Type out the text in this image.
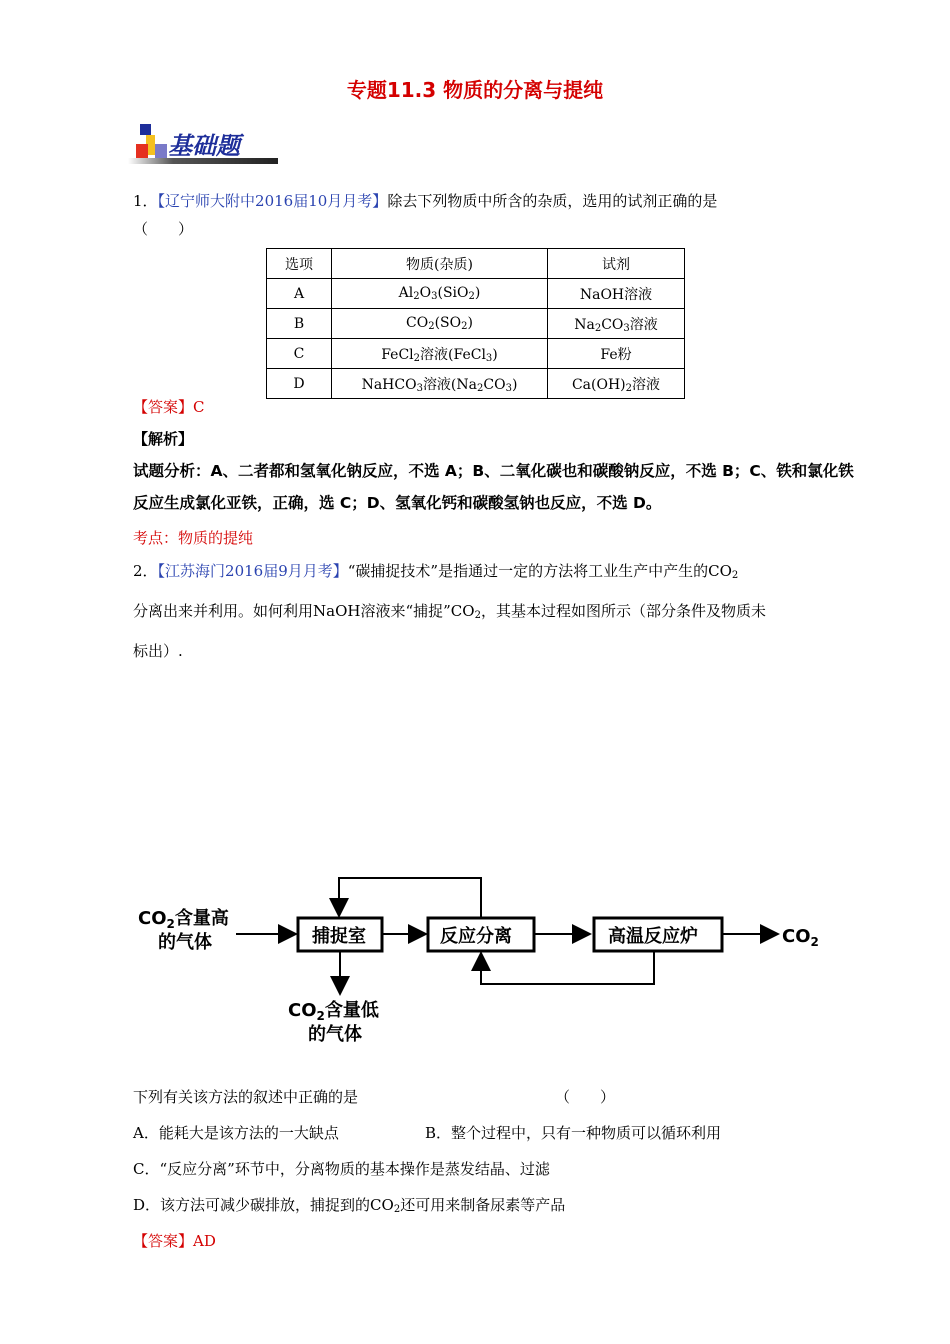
专题11.3 物质的分离与提纯
基础题
1．【辽宁师大附中2016届10月月考】除去下列物质中所含的杂质，选用的试剂正确的是
（　　）
选项	物质(杂质)	试剂
A	$Al_2O_3(SiO_2)$	NaOH溶液
B	$CO_2(SO_2)$	$Na_2CO_3$溶液
C	FeCl$_2$溶液(FeCl$_3$)	Fe粉
D	NaHCO$_3$溶液$(Na_2CO_3)$	$Ca(OH)_2$溶液
【答案】C
【解析】
试题分析：A、二者都和氢氧化钠反应，不选 A；B、二氧化碳也和碳酸钠反应，不选 B；C、铁和氯化铁
反应生成氯化亚铁，正确，选 C；D、氢氧化钙和碳酸氢钠也反应，不选 D。
考点：物质的提纯
2．【江苏海门2016届9月月考】“碳捕捉技术”是指通过一定的方法将工业生产中产生的$CO_2$
分离出来并利用。如何利用NaOH溶液来“捕捉$”CO_2$，其基本过程如图所示（部分条件及物质未
标出）.
$CO_2$含量高
的气体	捕捉室	反应分离	高温反应炉	$CO_2$
$CO_2$含量低
的气体
下列有关该方法的叙述中正确的是	（　　）
A．能耗大是该方法的一大缺点	B．整个过程中，只有一种物质可以循环利用
C．“反应分离”环节中，分离物质的基本操作是蒸发结晶、过滤
D．该方法可减少碳排放，捕捉到的$CO_2$还可用来制备尿素等产品
【答案】AD
